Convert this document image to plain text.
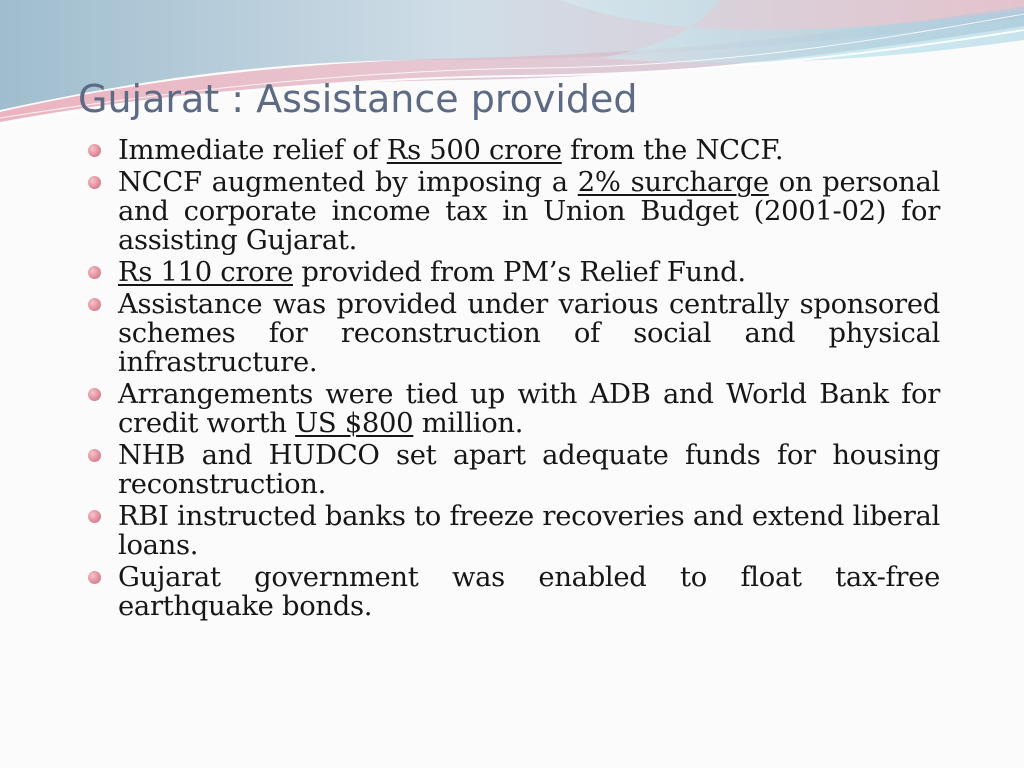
Gujarat : Assistance provided
Immediate relief of Rs 500 crore from the NCCF.
NCCF augmented by imposing a 2% surcharge on personal and corporate income tax in Union Budget (2001-02) for assisting Gujarat.
Rs 110 crore provided from PM’s Relief Fund.
Assistance was provided under various centrally sponsored schemes for reconstruction of social and physical infrastructure.
Arrangements were tied up with ADB and World Bank for credit worth US $800 million.
NHB and HUDCO set apart adequate funds for housing reconstruction.
RBI instructed banks to freeze recoveries and extend liberal loans.
Gujarat government was enabled to float tax-free earthquake bonds.
